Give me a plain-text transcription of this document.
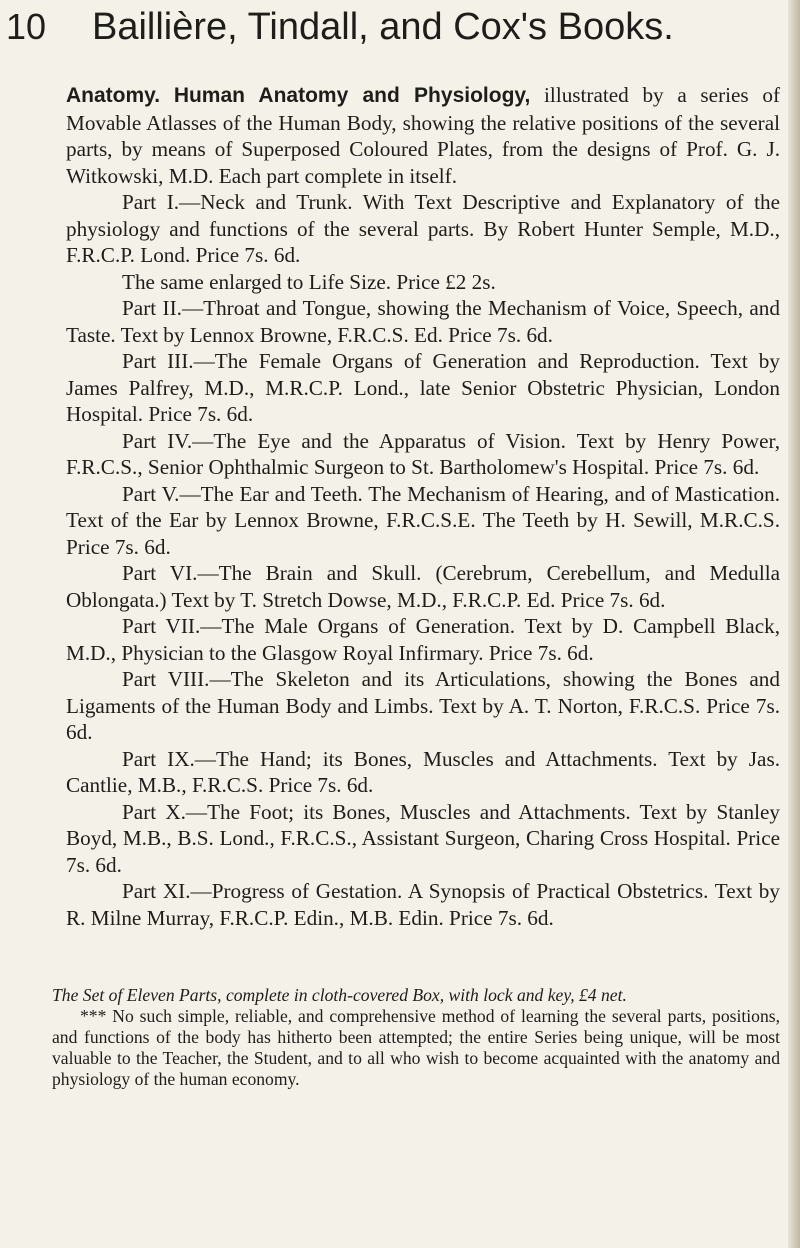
10 Baillière, Tindall, and Cox's Books.

Anatomy. Human Anatomy and Physiology, illustrated by a series of Movable Atlasses of the Human Body, showing the relative positions of the several parts, by means of Superposed Coloured Plates, from the designs of Prof. G. J. Witkowski, M.D. Each part complete in itself.

Part I.—Neck and Trunk. With Text Descriptive and Explanatory of the physiology and functions of the several parts. By Robert Hunter Semple, M.D., F.R.C.P. Lond. Price 7s. 6d.

The same enlarged to Life Size. Price £2 2s.

Part II.—Throat and Tongue, showing the Mechanism of Voice, Speech, and Taste. Text by Lennox Browne, F.R.C.S. Ed. Price 7s. 6d.

Part III.—The Female Organs of Generation and Reproduction. Text by James Palfrey, M.D., M.R.C.P. Lond., late Senior Obstetric Physician, London Hospital. Price 7s. 6d.

Part IV.—The Eye and the Apparatus of Vision. Text by Henry Power, F.R.C.S., Senior Ophthalmic Surgeon to St. Bartholomew's Hospital. Price 7s. 6d.

Part V.—The Ear and Teeth. The Mechanism of Hearing, and of Mastication. Text of the Ear by Lennox Browne, F.R.C.S.E. The Teeth by H. Sewill, M.R.C.S. Price 7s. 6d.

Part VI.—The Brain and Skull. (Cerebrum, Cerebellum, and Medulla Oblongata.) Text by T. Stretch Dowse, M.D., F.R.C.P. Ed. Price 7s. 6d.

Part VII.—The Male Organs of Generation. Text by D. Campbell Black, M.D., Physician to the Glasgow Royal Infirmary. Price 7s. 6d.

Part VIII.—The Skeleton and its Articulations, showing the Bones and Ligaments of the Human Body and Limbs. Text by A. T. Norton, F.R.C.S. Price 7s. 6d.

Part IX.—The Hand; its Bones, Muscles and Attachments. Text by Jas. Cantlie, M.B., F.R.C.S. Price 7s. 6d.

Part X.—The Foot; its Bones, Muscles and Attachments. Text by Stanley Boyd, M.B., B.S. Lond., F.R.C.S., Assistant Surgeon, Charing Cross Hospital. Price 7s. 6d.

Part XI.—Progress of Gestation. A Synopsis of Practical Obstetrics. Text by R. Milne Murray, F.R.C.P. Edin., M.B. Edin. Price 7s. 6d.

The Set of Eleven Parts, complete in cloth-covered Box, with lock and key, £4 net.

*** No such simple, reliable, and comprehensive method of learning the several parts, positions, and functions of the body has hitherto been attempted; the entire Series being unique, will be most valuable to the Teacher, the Student, and to all who wish to become acquainted with the anatomy and physiology of the human economy.
